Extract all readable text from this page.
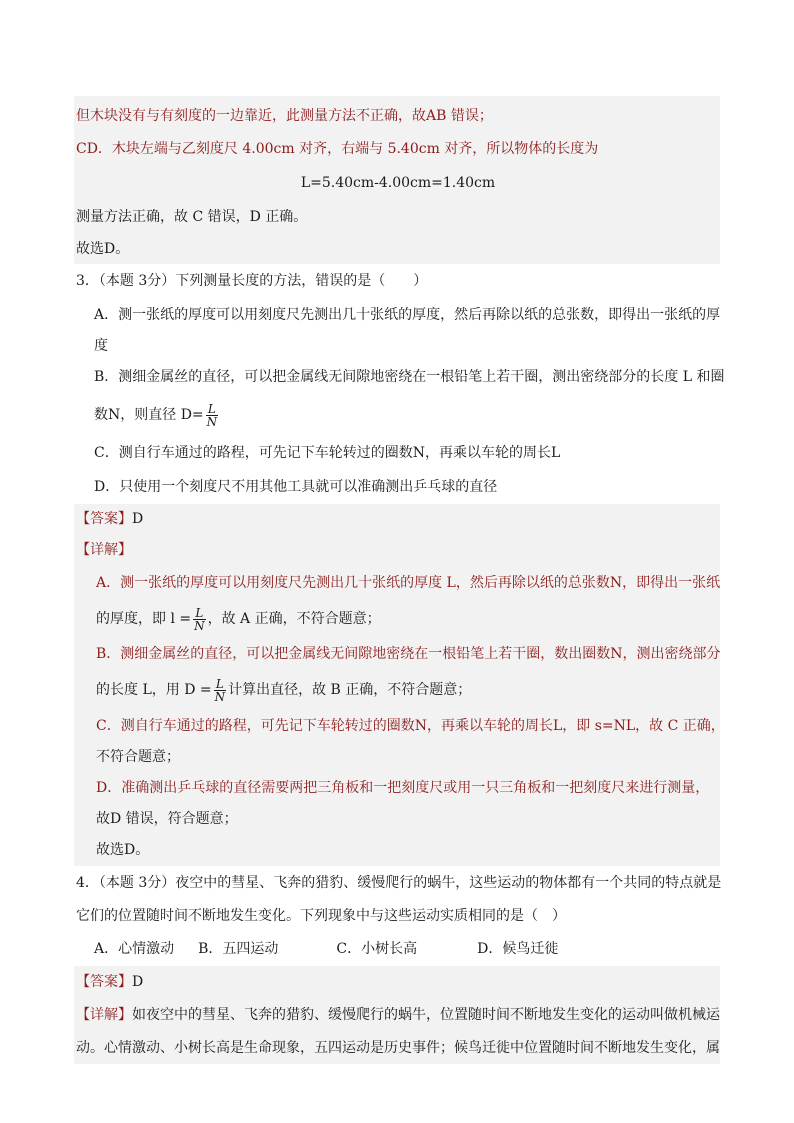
但木块没有与有刻度的一边靠近，此测量方法不正确，故AB 错误；
CD．木块左端与乙刻度尺 4.00cm 对齐，右端与 5.40cm 对齐，所以物体的长度为
L=5.40cm-4.00cm=1.40cm
测量方法正确，故 C 错误，D 正确。
故选D。
3．（本题 3分）下列测量长度的方法，错误的是（　　）
A．测一张纸的厚度可以用刻度尺先测出几十张纸的厚度，然后再除以纸的总张数，即得出一张纸的厚
度
B．测细金属丝的直径，可以把金属线无间隙地密绕在一根铅笔上若干圈，测出密绕部分的长度 L 和圈
数N，则直径 $D= \frac{L}{N}$
C．测自行车通过的路程，可先记下车轮转过的圈数N，再乘以车轮的周长L
D．只使用一个刻度尺不用其他工具就可以准确测出乒乓球的直径
【答案】D
【详解】
A．测一张纸的厚度可以用刻度尺先测出几十张纸的厚度 L，然后再除以纸的总张数N，即得出一张纸
的厚度，即 $l = \frac{L}{N}$ ，故 A 正确，不符合题意；
B．测细金属丝的直径，可以把金属线无间隙地密绕在一根铅笔上若干圈，数出圈数N，测出密绕部分
的长度 L，用 $D = \frac{L}{N}$ 计算出直径，故 B 正确，不符合题意；
C．测自行车通过的路程，可先记下车轮转过的圈数N，再乘以车轮的周长L，即 s=NL，故 C 正确，
不符合题意；
D．准确测出乒乓球的直径需要两把三角板和一把刻度尺或用一只三角板和一把刻度尺来进行测量，
故D 错误，符合题意；
故选D。
4．（本题 3分）夜空中的彗星、飞奔的猎豹、缓慢爬行的蜗牛，这些运动的物体都有一个共同的特点就是
它们的位置随时间不断地发生变化。下列现象中与这些运动实质相同的是（　）
A．心情激动 B．五四运动	C．小树长高	D．候鸟迁徙
【答案】D
【详解】如夜空中的彗星、飞奔的猎豹、缓慢爬行的蜗牛，位置随时间不断地发生变化的运动叫做机械运
动。心情激动、小树长高是生命现象，五四运动是历史事件；候鸟迁徙中位置随时间不断地发生变化，属
